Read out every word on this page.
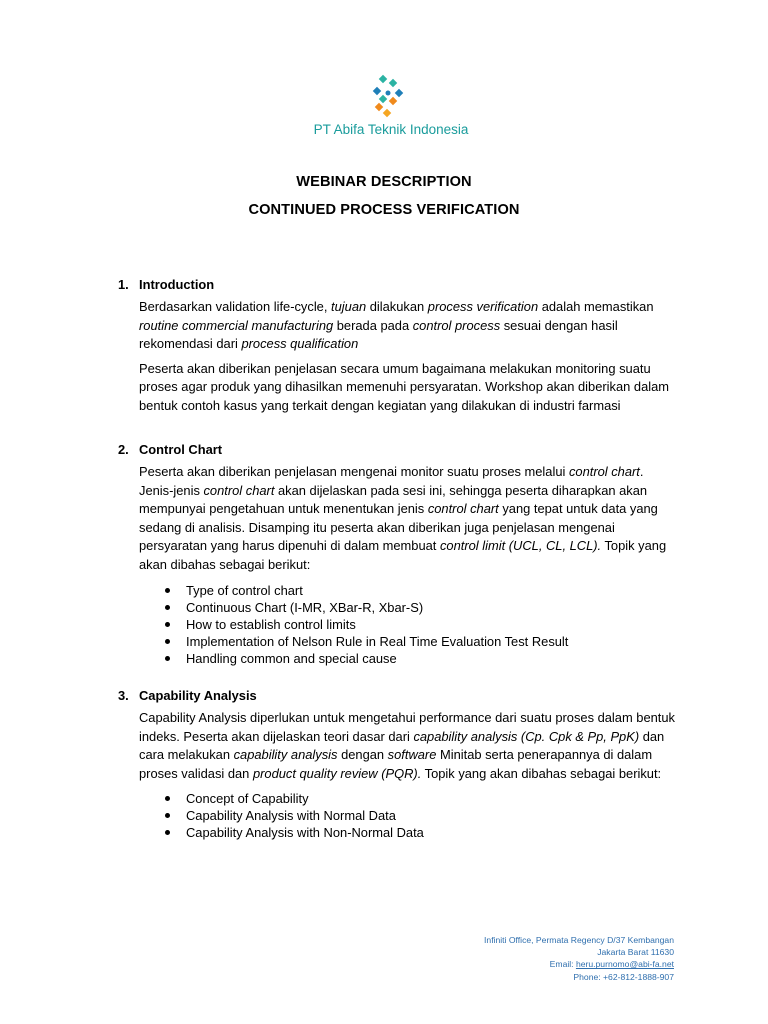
PT Abifa Teknik Indonesia
WEBINAR DESCRIPTION
CONTINUED PROCESS VERIFICATION
1. Introduction
Berdasarkan validation life-cycle, tujuan dilakukan process verification adalah memastikan routine commercial manufacturing berada pada control process sesuai dengan hasil rekomendasi dari process qualification
Peserta akan diberikan penjelasan secara umum bagaimana melakukan monitoring suatu proses agar produk yang dihasilkan memenuhi persyaratan. Workshop akan diberikan dalam bentuk contoh kasus yang terkait dengan kegiatan yang dilakukan di industri farmasi
2. Control Chart
Peserta akan diberikan penjelasan mengenai monitor suatu proses melalui control chart. Jenis-jenis control chart akan dijelaskan pada sesi ini, sehingga peserta diharapkan akan mempunyai pengetahuan untuk menentukan jenis control chart yang tepat untuk data yang sedang di analisis. Disamping itu peserta akan diberikan juga penjelasan mengenai persyaratan yang harus dipenuhi di dalam membuat control limit (UCL, CL, LCL). Topik yang akan dibahas sebagai berikut:
Type of control chart
Continuous Chart (I-MR, XBar-R, Xbar-S)
How to establish control limits
Implementation of Nelson Rule in Real Time Evaluation Test Result
Handling common and special cause
3. Capability Analysis
Capability Analysis diperlukan untuk mengetahui performance dari suatu proses dalam bentuk indeks. Peserta akan dijelaskan teori dasar dari capability analysis (Cp. Cpk & Pp, PpK) dan cara melakukan capability analysis dengan software Minitab serta penerapannya di dalam proses validasi dan product quality review (PQR). Topik yang akan dibahas sebagai berikut:
Concept of Capability
Capability Analysis with Normal Data
Capability Analysis with Non-Normal Data
Infiniti Office, Permata Regency D/37 Kembangan
Jakarta Barat 11630
Email: heru.purnomo@abi-fa.net
Phone: +62-812-1888-907
